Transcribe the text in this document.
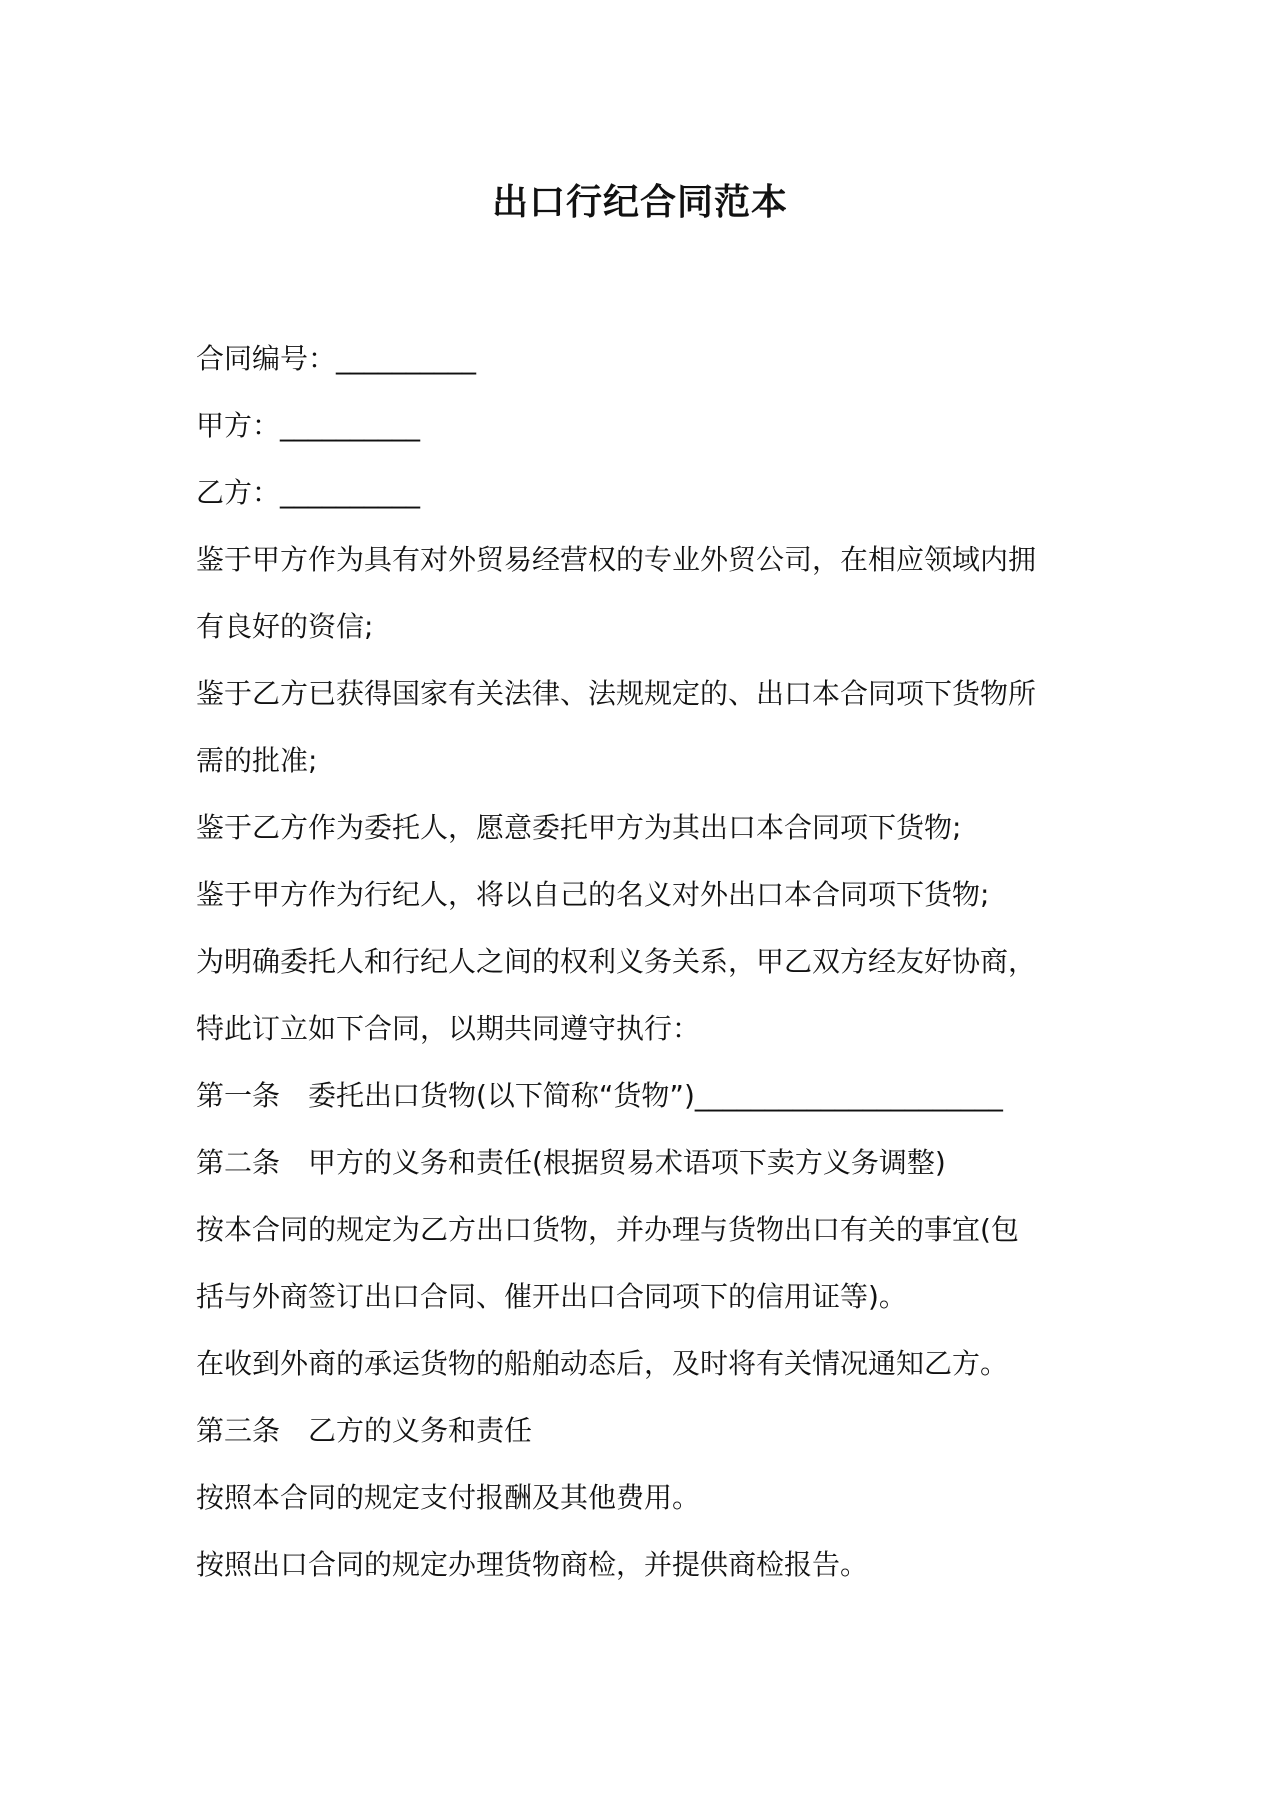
出口行纪合同范本
合同编号：__________
甲方：__________
乙方：__________
鉴于甲方作为具有对外贸易经营权的专业外贸公司，在相应领域内拥
有良好的资信;
鉴于乙方已获得国家有关法律、法规规定的、出口本合同项下货物所
需的批准;
鉴于乙方作为委托人，愿意委托甲方为其出口本合同项下货物;
鉴于甲方作为行纪人，将以自己的名义对外出口本合同项下货物;
为明确委托人和行纪人之间的权利义务关系，甲乙双方经友好协商，
特此订立如下合同，以期共同遵守执行：
第一条　委托出口货物(以下简称“货物”)______________________
第二条　甲方的义务和责任(根据贸易术语项下卖方义务调整)
按本合同的规定为乙方出口货物，并办理与货物出口有关的事宜(包
括与外商签订出口合同、催开出口合同项下的信用证等)。
在收到外商的承运货物的船舶动态后，及时将有关情况通知乙方。
第三条　乙方的义务和责任
按照本合同的规定支付报酬及其他费用。
按照出口合同的规定办理货物商检，并提供商检报告。
